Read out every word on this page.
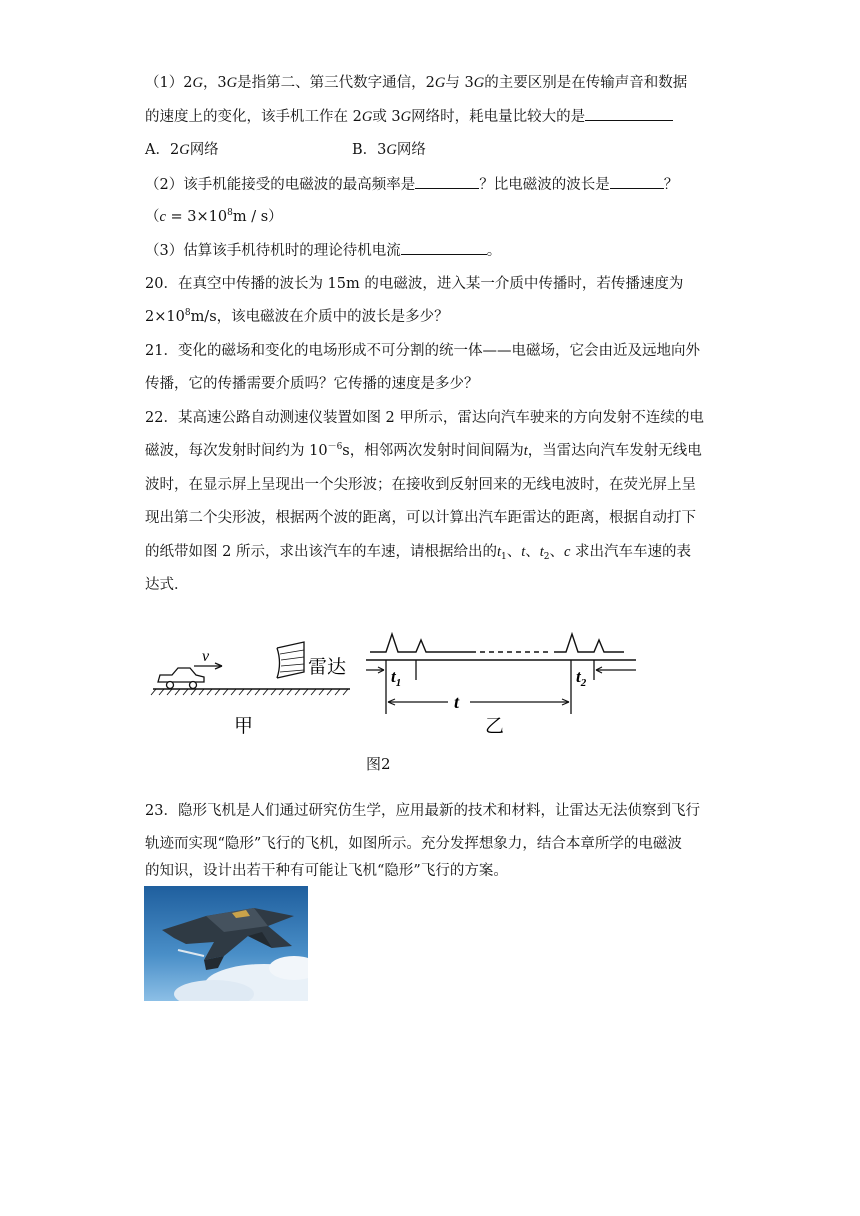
（1）2G，3G是指第二、第三代数字通信，2G与 3G的主要区别是在传输声音和数据
的速度上的变化，该手机工作在 2G或 3G网络时，耗电量比较大的是
A．2G网络	B．3G网络
（2）该手机能接受的电磁波的最高频率是	？比电磁波的波长是	？
$(c = 3\times 10^8m / s)$
（3）估算该手机待机时的理论待机电流	。
20．在真空中传播的波长为 15m 的电磁波，进入某一介质中传播时，若传播速度为
$2\times 10^8m/s$，该电磁波在介质中的波长是多少？
21．变化的磁场和变化的电场形成不可分割的统一体——电磁场，它会由近及远地向外
传播，它的传播需要介质吗？它传播的速度是多少？
22．某高速公路自动测速仪装置如图 2 甲所示，雷达向汽车驶来的方向发射不连续的电
磁波，每次发射时间约为 $10^{-6}s$，相邻两次发射时间间隔为t，当雷达向汽车发射无线电
波时，在显示屏上呈现出一个尖形波；在接收到反射回来的无线电波时，在荧光屏上呈
现出第二个尖形波，根据两个波的距离，可以计算出汽车距雷达的距离，根据自动打下
的纸带如图 2 所示，求出该汽车的车速，请根据给出的$t_1$、t、$t_2$、c 求出汽车车速的表
达式．
v	雷达
甲
$t_1$	$t_2$
t
乙
图2
23．隐形飞机是人们通过研究仿生学，应用最新的技术和材料，让雷达无法侦察到飞行
轨迹而实现“隐形”飞行的飞机，如图所示。充分发挥想象力，结合本章所学的电磁波
的知识，设计出若干种有可能让飞机“隐形”飞行的方案。
